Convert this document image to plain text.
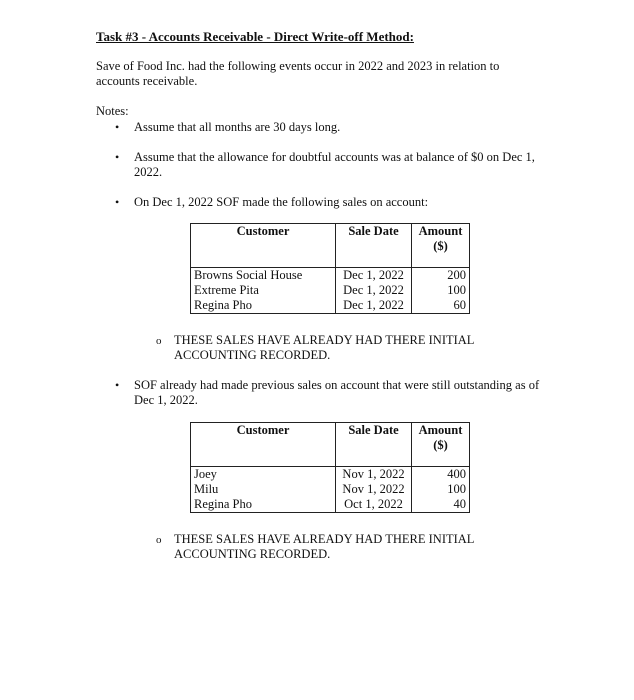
Task #3 - Accounts Receivable - Direct Write-off Method:
Save of Food Inc. had the following events occur in 2022 and 2023 in relation to
accounts receivable.
Notes:
• Assume that all months are 30 days long.
• Assume that the allowance for doubtful accounts was at balance of $0 on Dec 1,
2022.
• On Dec 1, 2022 SOF made the following sales on account:
Customer	Sale Date	Amount
($)

Browns Social House	Dec 1, 2022	200
Extreme Pita	Dec 1, 2022	100
Regina Pho	Dec 1, 2022	60
o THESE SALES HAVE ALREADY HAD THERE INITIAL
ACCOUNTING RECORDED.
• SOF already had made previous sales on account that were still outstanding as of
Dec 1, 2022.
Customer	Sale Date	Amount
($)

Joey	Nov 1, 2022	400
Milu	Nov 1, 2022	100
Regina Pho	Oct 1, 2022	40
o THESE SALES HAVE ALREADY HAD THERE INITIAL
ACCOUNTING RECORDED.
